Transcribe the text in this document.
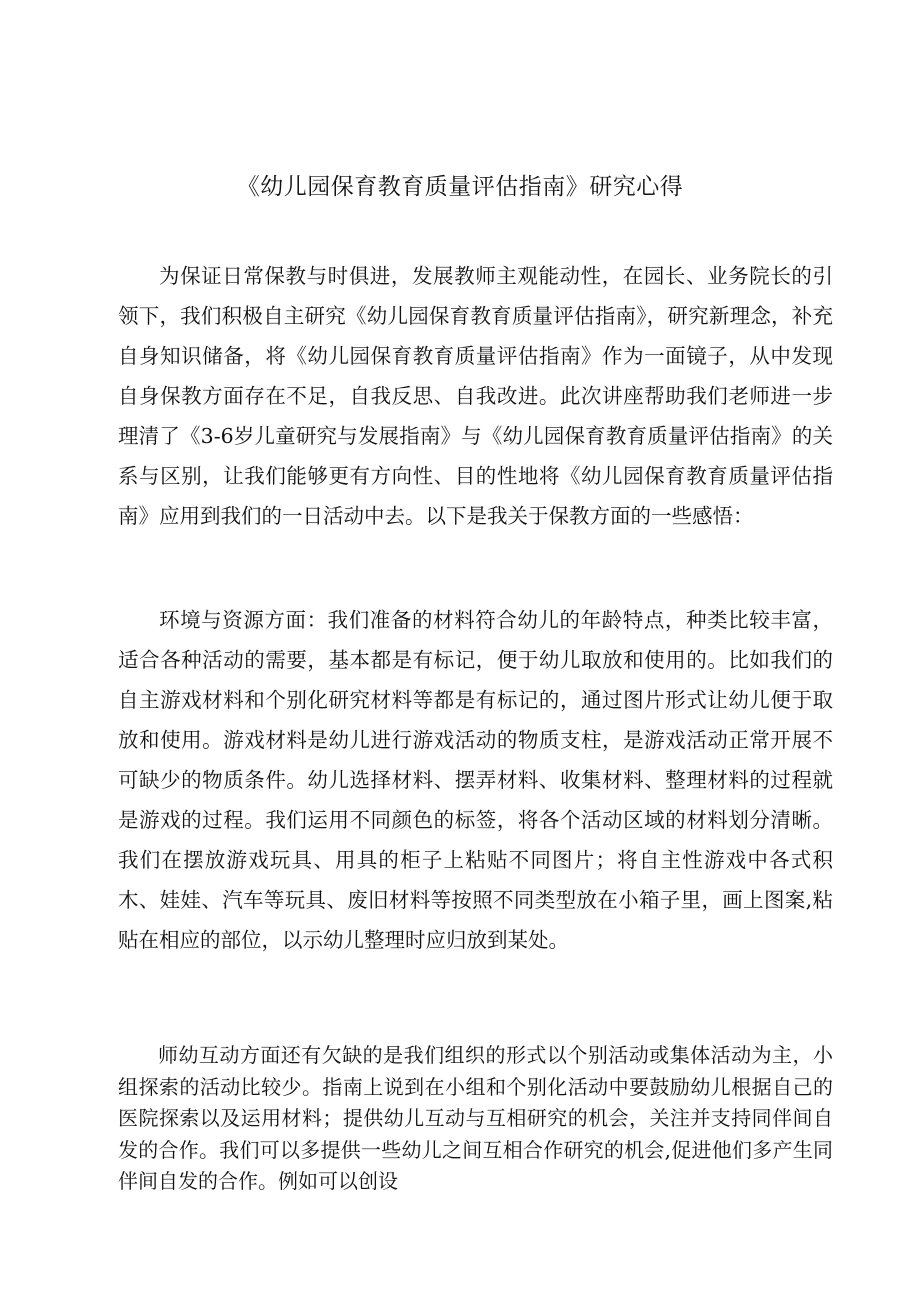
《幼儿园保育教育质量评估指南》研究心得

为保证日常保教与时俱进，发展教师主观能动性，在园长、业务院长的引领下，我们积极自主研究《幼儿园保育教育质量评估指南》，研究新理念，补充自身知识储备，将《幼儿园保育教育质量评估指南》作为一面镜子，从中发现自身保教方面存在不足，自我反思、自我改进。此次讲座帮助我们老师进一步理清了《3-6岁儿童研究与发展指南》与《幼儿园保育教育质量评估指南》的关系与区别，让我们能够更有方向性、目的性地将《幼儿园保育教育质量评估指南》应用到我们的一日活动中去。以下是我关于保教方面的一些感悟：

环境与资源方面：我们准备的材料符合幼儿的年龄特点，种类比较丰富，适合各种活动的需要，基本都是有标记，便于幼儿取放和使用的。比如我们的自主游戏材料和个别化研究材料等都是有标记的，通过图片形式让幼儿便于取放和使用。游戏材料是幼儿进行游戏活动的物质支柱，是游戏活动正常开展不可缺少的物质条件。幼儿选择材料、摆弄材料、收集材料、整理材料的过程就是游戏的过程。我们运用不同颜色的标签，将各个活动区域的材料划分清晰。我们在摆放游戏玩具、用具的柜子上粘贴不同图片；将自主性游戏中各式积木、娃娃、汽车等玩具、废旧材料等按照不同类型放在小箱子里，画上图案,粘贴在相应的部位，以示幼儿整理时应归放到某处。

师幼互动方面还有欠缺的是我们组织的形式以个别活动或集体活动为主，小组探索的活动比较少。指南上说到在小组和个别化活动中要鼓励幼儿根据自己的医院探索以及运用材料；提供幼儿互动与互相研究的机会，关注并支持同伴间自发的合作。我们可以多提供一些幼儿之间互相合作研究的机会,促进他们多产生同伴间自发的合作。例如可以创设
